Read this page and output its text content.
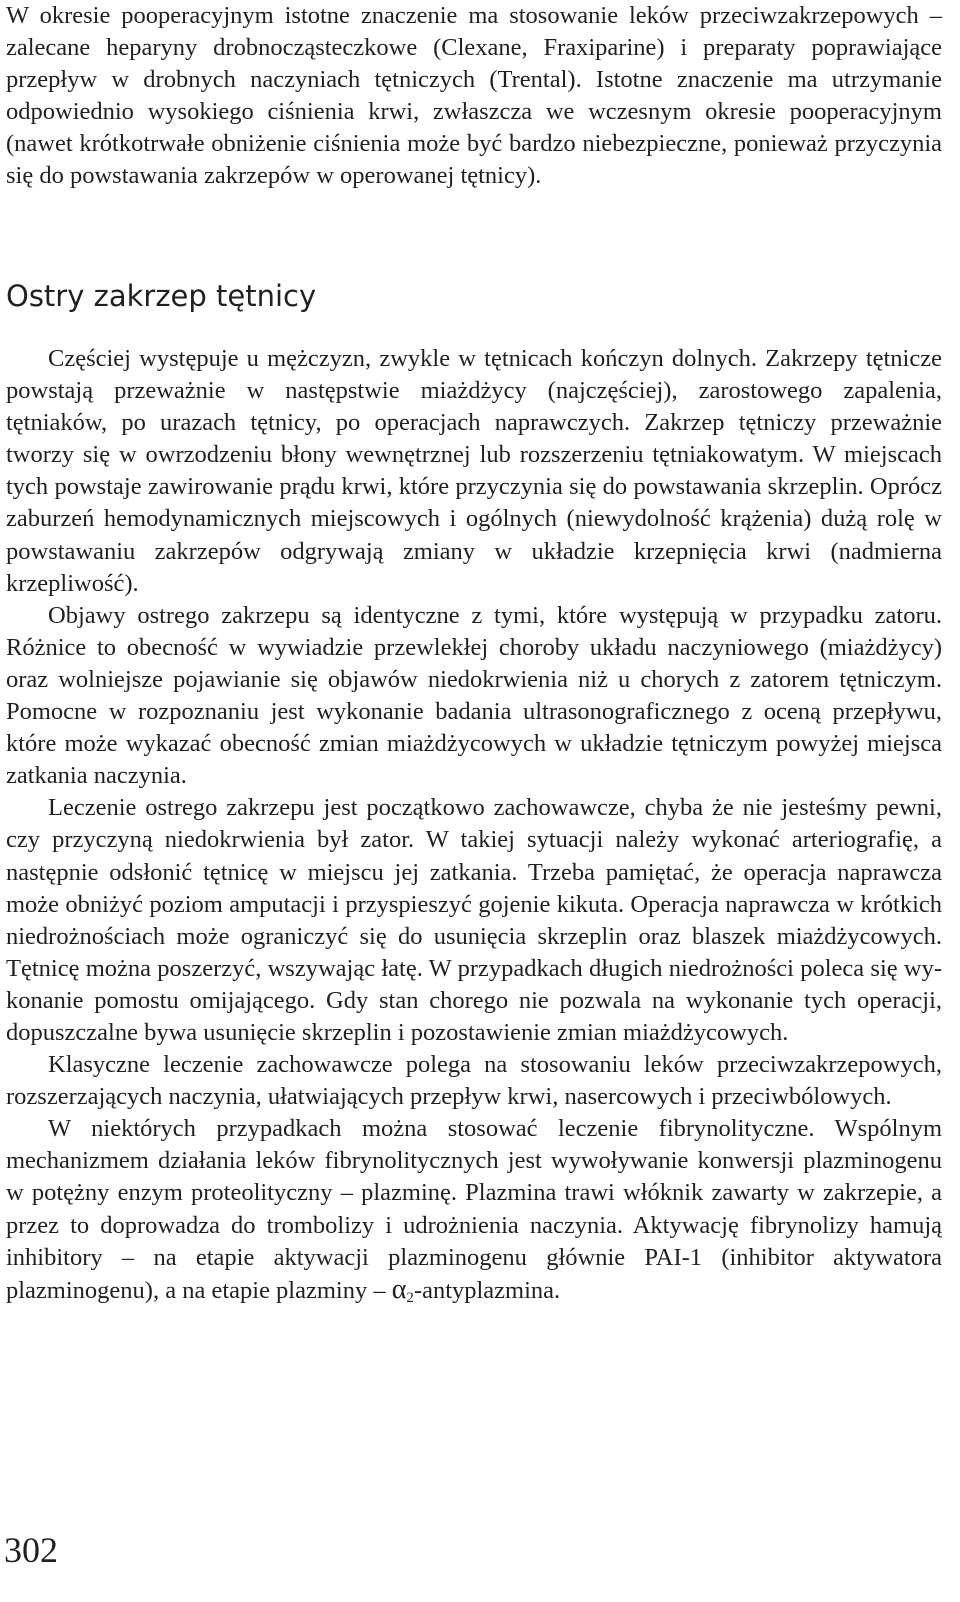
W okresie pooperacyjnym istotne znaczenie ma stosowanie leków przeciwzakrzepowych – zalecane heparyny drobnocząsteczkowe (Clexane, Fraxiparine) i preparaty poprawiające przepływ w drobnych naczyniach tętniczych (Trental). Istotne znaczenie ma utrzymanie odpowiednio wysokiego ciśnienia krwi, zwłaszcza we wczesnym okresie pooperacyjnym (nawet krótkotrwałe obniżenie ciśnienia może być bardzo niebezpieczne, ponieważ przyczynia się do powstawania zakrzepów w operowanej tętnicy).

Ostry zakrzep tętnicy

Częściej występuje u mężczyzn, zwykle w tętnicach kończyn dolnych. Zakrzepy tętnicze powstają przeważnie w następstwie miażdżycy (najczęściej), zarostowego zapalenia, tętniaków, po urazach tętnicy, po operacjach naprawczych. Zakrzep tętniczy przeważnie tworzy się w owrzodzeniu błony wewnętrznej lub rozszerzeniu tętniakowatym. W miejscach tych powstaje zawirowanie prądu krwi, które przyczynia się do powstawania skrzeplin. Oprócz zaburzeń hemodynamicznych miejscowych i ogólnych (niewydolność krążenia) dużą rolę w powstawaniu zakrzepów odgrywają zmiany w układzie krzepnięcia krwi (nadmierna krzepliwość).

Objawy ostrego zakrzepu są identyczne z tymi, które występują w przypadku zatoru. Różnice to obecność w wywiadzie przewlekłej choroby układu naczyniowego (miażdżycy) oraz wolniejsze pojawianie się objawów niedokrwienia niż u chorych z zatorem tętniczym. Pomocne w rozpoznaniu jest wykonanie badania ultrasonograficznego z oceną przepływu, które może wykazać obecność zmian miażdżycowych w układzie tętniczym powyżej miejsca zatkania naczynia.

Leczenie ostrego zakrzepu jest początkowo zachowawcze, chyba że nie jesteśmy pewni, czy przyczyną niedokrwienia był zator. W takiej sytuacji należy wykonać arteriografię, a następnie odsłonić tętnicę w miejscu jej zatkania. Trzeba pamiętać, że operacja naprawcza może obniżyć poziom amputacji i przyspieszyć gojenie kikuta. Operacja naprawcza w krótkich niedrożnościach może ograniczyć się do usunięcia skrzeplin oraz blaszek miażdżycowych. Tętnicę można poszerzyć, wszywając łatę. W przypadkach długich niedrożności poleca się wykonanie pomostu omijającego. Gdy stan chorego nie pozwala na wykonanie tych operacji, dopuszczalne bywa usunięcie skrzeplin i pozostawienie zmian miażdżycowych.

Klasyczne leczenie zachowawcze polega na stosowaniu leków przeciwzakrzepowych, rozszerzających naczynia, ułatwiających przepływ krwi, nasercowych i przeciwbólowych.

W niektórych przypadkach można stosować leczenie fibrynolityczne. Wspólnym mechanizmem działania leków fibrynolitycznych jest wywoływanie konwersji plazminogenu w potężny enzym proteolityczny – plazminę. Plazmina trawi włóknik zawarty w zakrzepie, a przez to doprowadza do trombolizy i udrożnienia naczynia. Aktywację fibrynolizy hamują inhibitory – na etapie aktywacji plazminogenu głównie PAI-1 (inhibitor aktywatora plazminogenu), a na etapie plazminy – $\alpha_2$-antyplazmina.

302
